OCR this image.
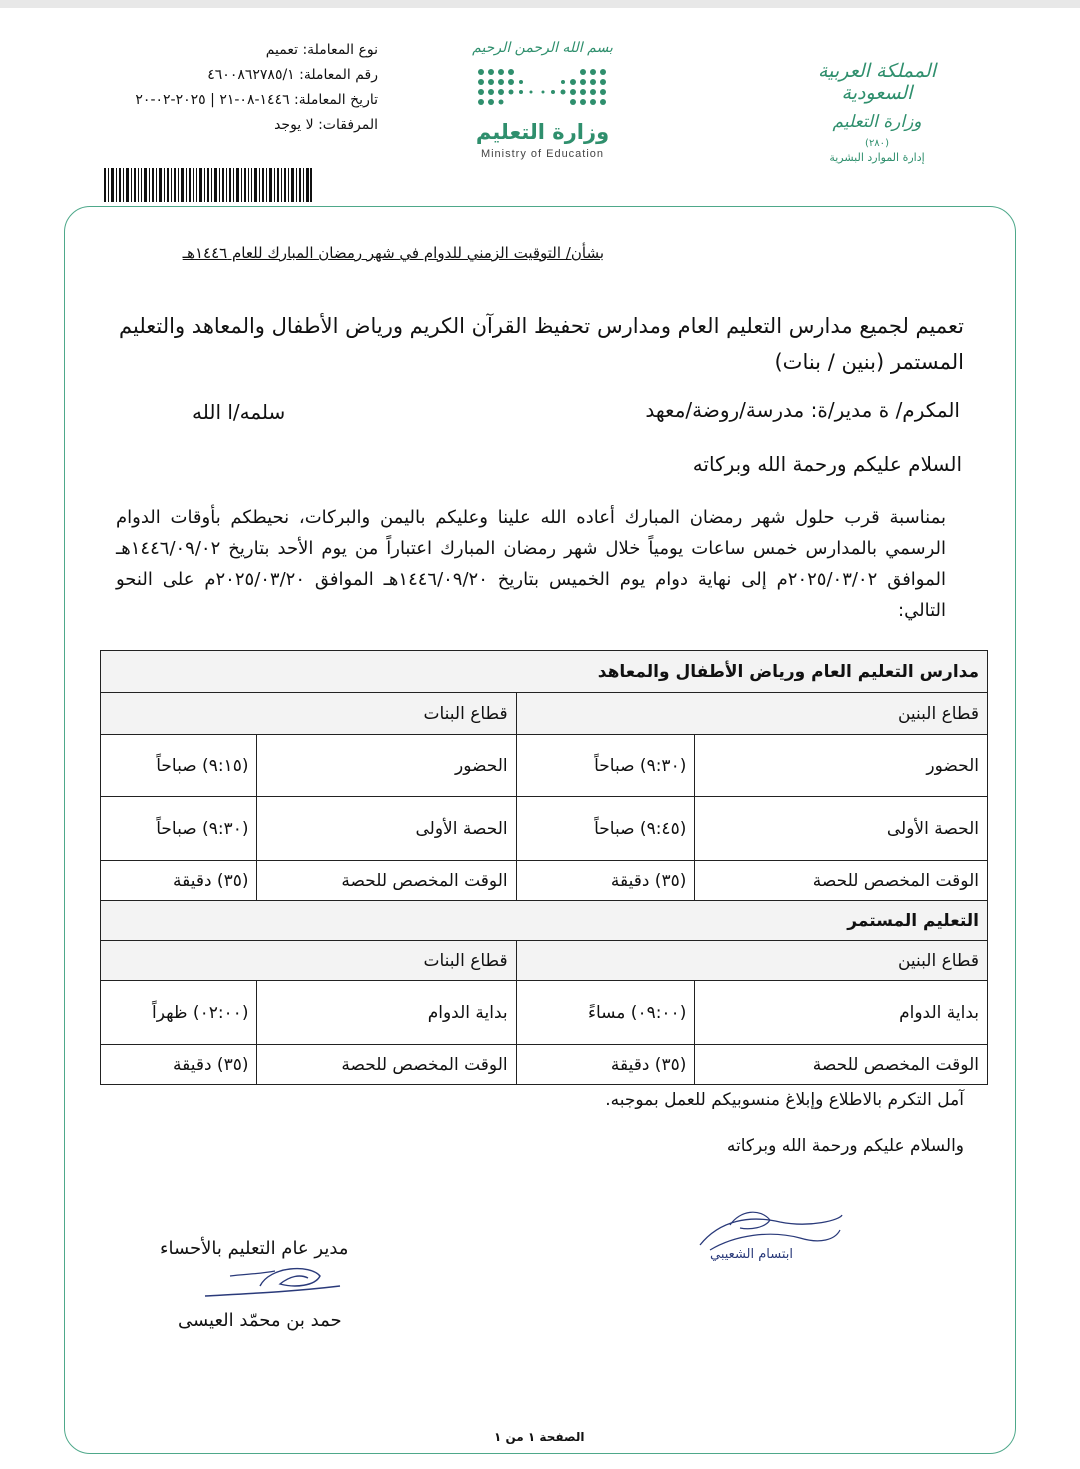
المملكة العربية السعودية
وزارة التعليم
(٢٨٠)
إدارة الموارد البشرية
بسم الله الرحمن الرحيم
وزارة التعليم
Ministry of Education
نوع المعاملة: تعميم
رقم المعاملة: ٤٦٠٠٨٦٢٧٨٥/١
تاريخ المعاملة: ١٤٤٦-٠٨-٢١ | ٢٠٢٥-٠٢-٢٠
المرفقات: لا يوجد
بشأن/ التوقيت الزمني للدوام في شهر رمضان المبارك للعام ١٤٤٦هـ
تعميم لجميع مدارس التعليم العام ومدارس تحفيظ القرآن الكريم ورياض الأطفال والمعاهد والتعليم المستمر (بنين / بنات)
المكرم/ ة مدير/ة: مدرسة/روضة/معهد
سلمه/ا الله
السلام عليكم ورحمة الله وبركاته
بمناسبة قرب حلول شهر رمضان المبارك أعاده الله علينا وعليكم باليمن والبركات، نحيطكم بأوقات الدوام الرسمي بالمدارس خمس ساعات يومياً خلال شهر رمضان المبارك اعتباراً من يوم الأحد بتاريخ ١٤٤٦/٠٩/٠٢هـ الموافق ٢٠٢٥/٠٣/٠٢م إلى نهاية دوام يوم الخميس بتاريخ ١٤٤٦/٠٩/٢٠هـ الموافق ٢٠٢٥/٠٣/٢٠م على النحو التالي:
مدارس التعليم العام ورياض الأطفال والمعاهد			
قطاع البنين		قطاع البنات	
الحضور	(٩:٣٠) صباحاً	الحضور	(٩:١٥) صباحاً
الحصة الأولى	(٩:٤٥) صباحاً	الحصة الأولى	(٩:٣٠) صباحاً
الوقت المخصص للحصة	(٣٥) دقيقة	الوقت المخصص للحصة	(٣٥) دقيقة
التعليم المستمر			
قطاع البنين		قطاع البنات	
بداية الدوام	(٠٩:٠٠) مساءً	بداية الدوام	(٠٢:٠٠) ظهراً
الوقت المخصص للحصة	(٣٥) دقيقة	الوقت المخصص للحصة	(٣٥) دقيقة
آمل التكرم بالاطلاع وإبلاغ منسوبيكم للعمل بموجبه.
والسلام عليكم ورحمة الله وبركاته
ابتسام الشعيبي
مدير عام التعليم بالأحساء
حمد بن محمّد العيسى
الصفحة ١ من ١
